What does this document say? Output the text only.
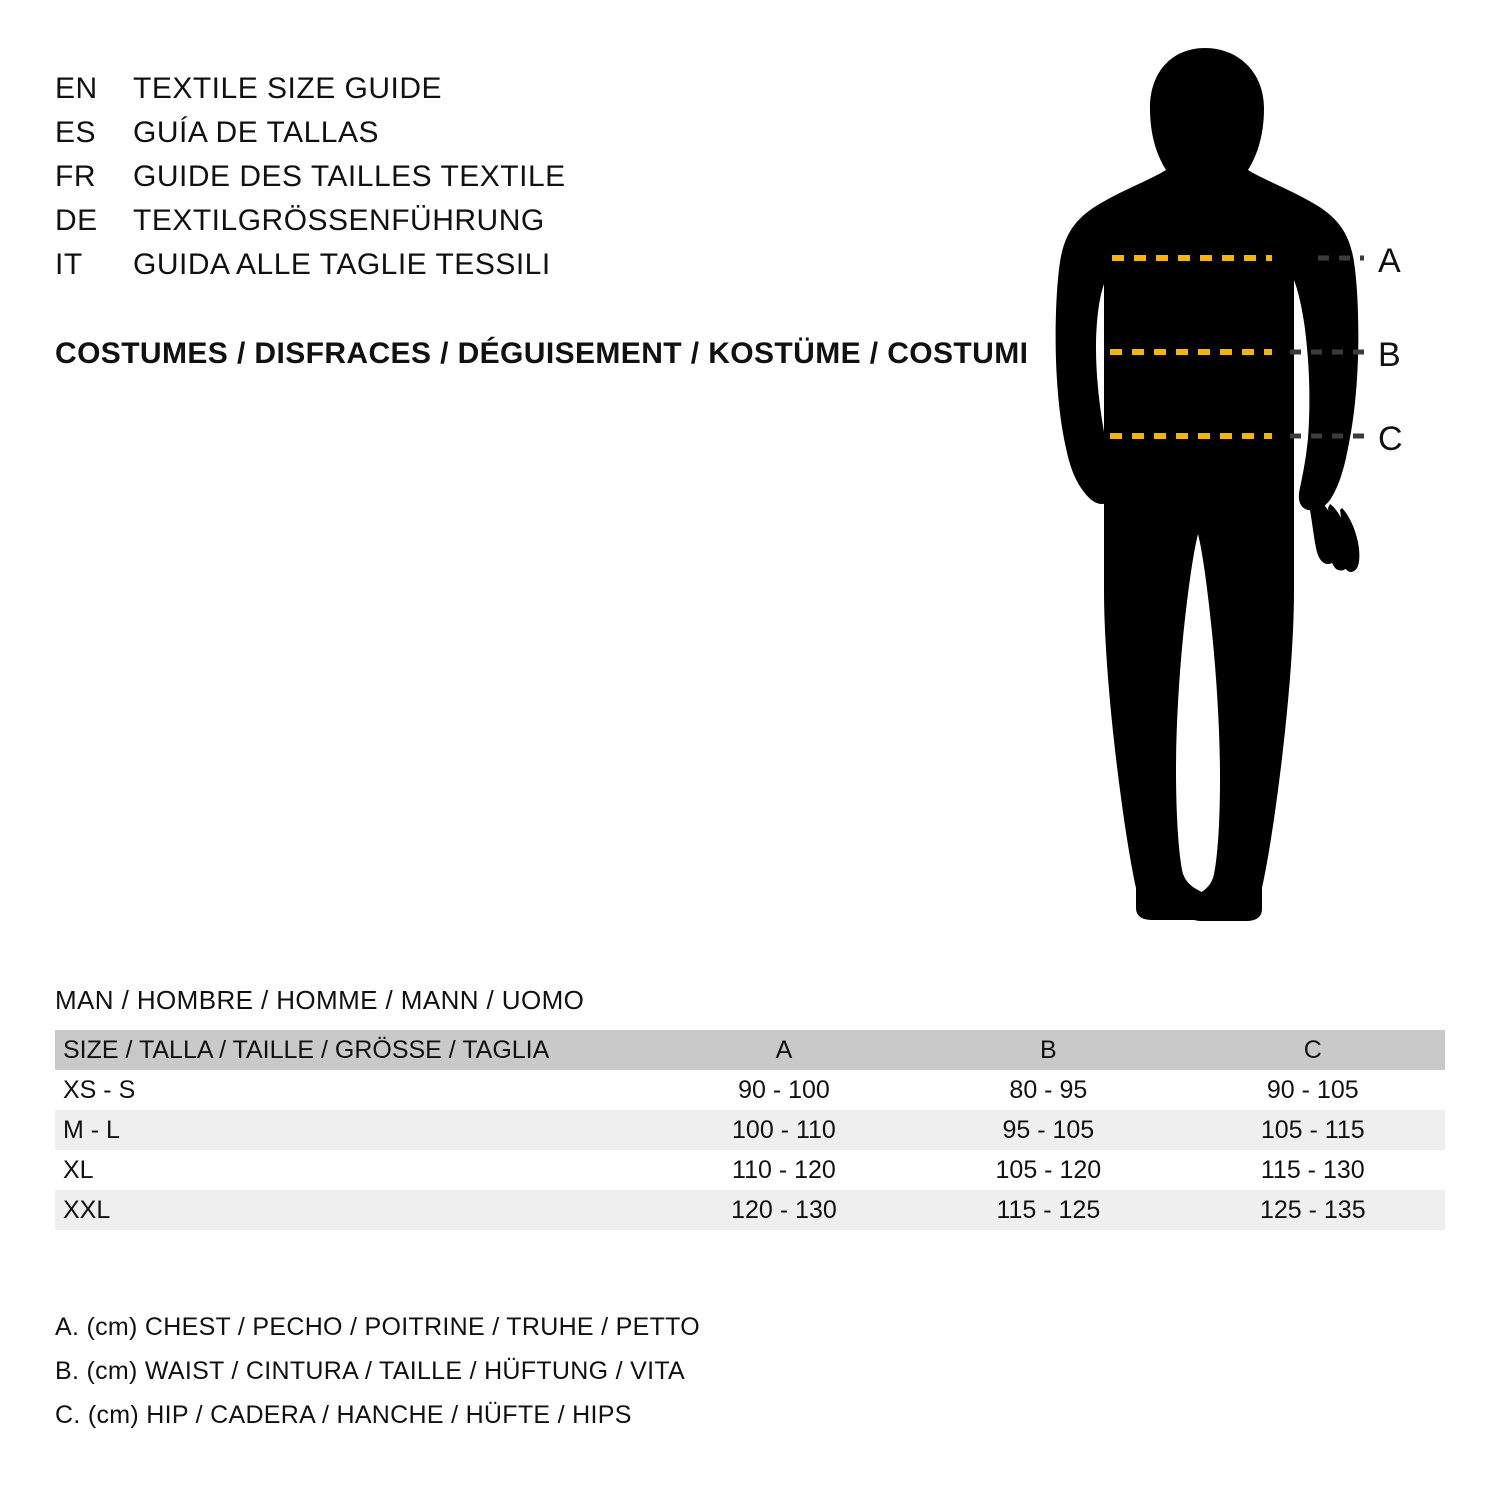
EN	TEXTILE SIZE GUIDE
ES	GUÍA DE TALLAS
FR	GUIDE DES TAILLES TEXTILE
DE	TEXTILGRÖSSENFÜHRUNG
IT	GUIDA ALLE TAGLIE TESSILI
COSTUMES / DISFRACES / DÉGUISEMENT / KOSTÜME / COSTUMI
A
B
C
MAN / HOMBRE / HOMME / MANN / UOMO
SIZE / TALLA / TAILLE / GRÖSSE / TAGLIA	A	B	C
XS - S	90 - 100	80 - 95	90 - 105
M - L	100 - 110	95 - 105	105 - 115
XL	110 - 120	105 - 120	115 - 130
XXL	120 - 130	115 - 125	125 - 135
A. (cm) CHEST / PECHO / POITRINE / TRUHE / PETTO
B. (cm) WAIST / CINTURA / TAILLE / HÜFTUNG / VITA
C. (cm) HIP / CADERA / HANCHE / HÜFTE / HIPS
